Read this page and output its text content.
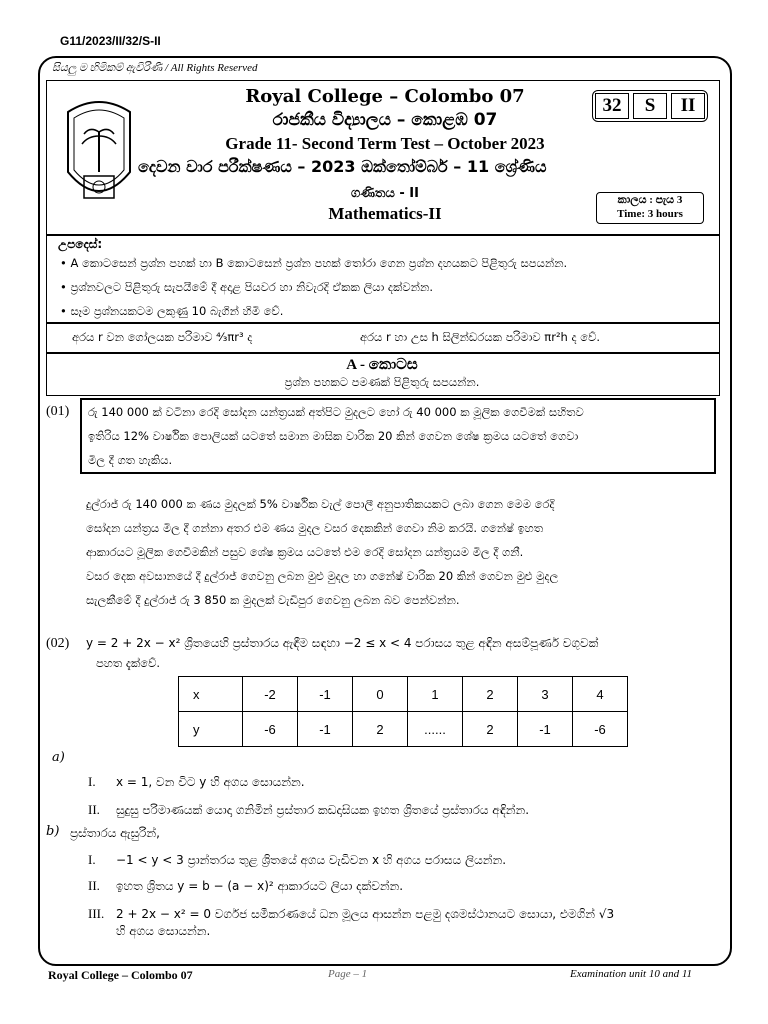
G11/2023/II/32/S-II
සියලු ම හිමිකම් ඇවිරිණි / All Rights Reserved
Royal College – Colombo 07
රාජකීය විද්‍යාලය – කොළඹ 07
Grade 11- Second Term Test – October 2023
දෙවන වාර පරීක්ෂණය – 2023 ඔක්තෝම්බර් – 11 ශ්‍රේණිය
ගණිතය - II
Mathematics-II
32	S	II
කාලය : පැය 3
Time: 3 hours
උපදෙස්:
• A කොටසෙන් ප්‍රශ්න පහක් හා B කොටසෙන් ප්‍රශ්න පහක් තෝරා ගෙන ප්‍රශ්න දහයකට පිළිතුරු සපයන්න.
• ප්‍රශ්නවලට පිළිතුරු සැපයීමේ දී අදාළ පියවර හා නිවැරදි ඒකක ලියා දක්වන්න.
• සෑම ප්‍රශ්නයකටම ලකුණු 10 බැගින් හිමි වේ.
අරය r වන ගෝලයක පරිමාව ⁴⁄₃πr³ ද	අරය r හා උස h සිලින්ඩරයක පරිමාව πr²h ද වේ.
A - කොටස
ප්‍රශ්න පහකට පමණක් පිළිතුරු සපයන්න.
(01) රු 140 000 ක් වටිනා රෙදි සෝදන යන්ත්‍රයක් අත්පිට මුදලට හෝ රු 40 000 ක මූලික ගෙවීමක් සහිතව
ඉතිරිය 12% වාර්ෂික පොලියක් යටතේ සමාන මාසික වාරික 20 කින් ගෙවන ශේෂ ක්‍රමය යටතේ ගෙවා
මිල දී ගත හැකිය.
දුල්රාජ් රු 140 000 ක ණය මුදලක් 5% වාර්ෂික වැල් පොලී අනුපාතිකයකට ලබා ගෙන මෙම රෙදි
සෝදන යන්ත්‍රය මිල දී ගන්නා අතර එම ණය මුදල වසර දෙකකින් ගෙවා නිම කරයි. ගනේෂ් ඉහත
ආකාරයට මූලික ගෙවීමකින් පසුව ශේෂ ක්‍රමය යටතේ එම රෙදි සෝදන යන්ත්‍රයම මිල දී ගනී.
වසර දෙක අවසානයේ දී දුල්රාජ් ගෙවනු ලබන මුළු මුදල හා ගනේෂ් වාරික 20 කින් ගෙවන මුළු මුදල
සැලකීමේ දී දුල්රාජ් රු 3 850 ක මුදලක් වැඩිපුර ගෙවනු ලබන බව පෙන්වන්න.
(02) y = 2 + 2x − x² ශ්‍රිතයෙහි ප්‍රස්තාරය ඇඳීම සඳහා −2 ≤ x < 4 පරාසය තුළ අඳින අසම්පූර්ණ වගුවක්
පහත දැක්වේ.
x	-2	-1	0	1	2	3	4
y	-6	-1	2	......	2	-1	-6
a)
I. x = 1, වන විට y හි අගය සොයන්න.
II. සුදුසු පරිමාණයක් යොදා ගනිමින් ප්‍රස්තාර කඩදාසියක ඉහත ශ්‍රිතයේ ප්‍රස්තාරය අඳින්න.
b) ප්‍රස්තාරය ඇසුරින්,
I. −1 < y < 3 ප්‍රාන්තරය තුළ ශ්‍රිතයේ අගය වැඩිවන x හි අගය පරාසය ලියන්න.
II. ඉහත ශ්‍රිතය y = b − (a − x)² ආකාරයට ලියා දක්වන්න.
III. 2 + 2x − x² = 0 වර්ගජ සමීකරණයේ ධන මූලය ආසන්න පළමු දශමස්ථානයට සොයා, එමගින් √3
හි අගය සොයන්න.
Royal College – Colombo 07	Page – 1	Examination unit 10 and 11
